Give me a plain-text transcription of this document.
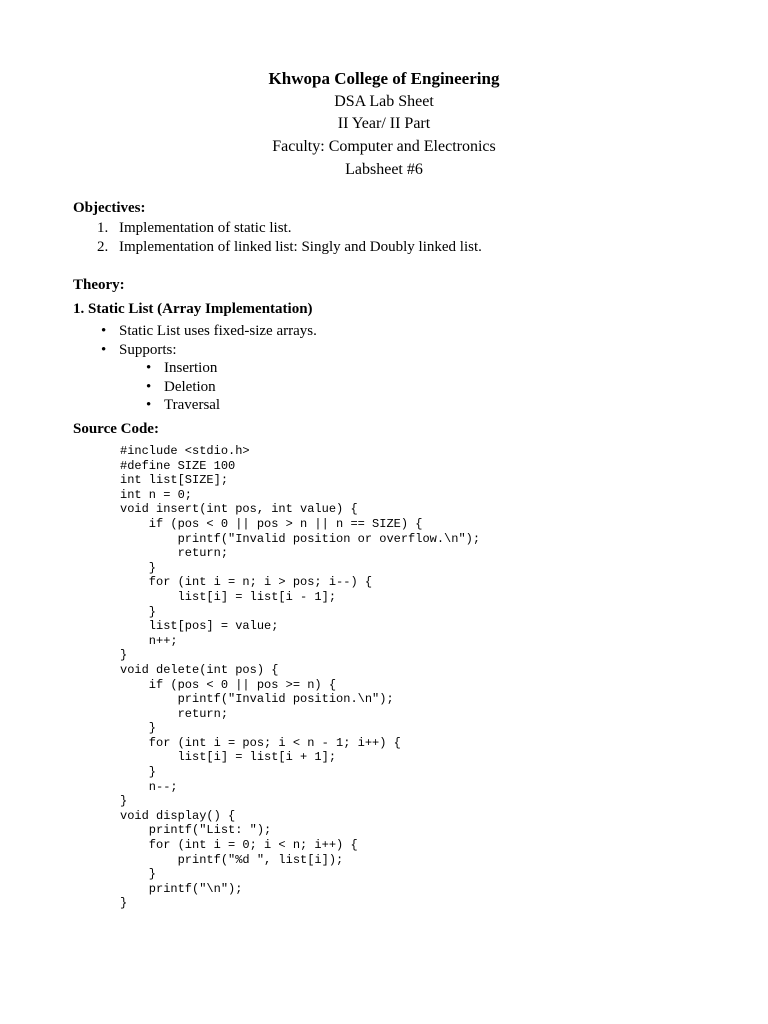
Khwopa College of Engineering
DSA Lab Sheet
II Year/ II Part
Faculty: Computer and Electronics
Labsheet #6
Objectives:
1. Implementation of static list.
2. Implementation of linked list: Singly and Doubly linked list.
Theory:
1. Static List (Array Implementation)
• Static List uses fixed-size arrays.
• Supports:
• Insertion
• Deletion
• Traversal
Source Code:
#include <stdio.h>
#define SIZE 100
int list[SIZE];
int n = 0;
void insert(int pos, int value) {
if (pos < 0 || pos > n || n == SIZE) {
printf("Invalid position or overflow.\n");
return;
}
for (int i = n; i > pos; i--) {
list[i] = list[i - 1];
}
list[pos] = value;
n++;
}
void delete(int pos) {
if (pos < 0 || pos >= n) {
printf("Invalid position.\n");
return;
}
for (int i = pos; i < n - 1; i++) {
list[i] = list[i + 1];
}
n--;
}
void display() {
printf("List: ");
for (int i = 0; i < n; i++) {
printf("%d ", list[i]);
}
printf("\n");
}
